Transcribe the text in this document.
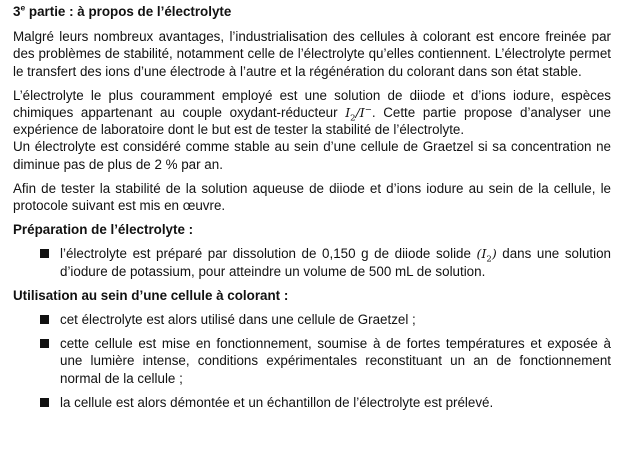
3e partie : à propos de l’électrolyte

Malgré leurs nombreux avantages, l’industrialisation des cellules à colorant est encore freinée par des problèmes de stabilité, notamment celle de l’électrolyte qu’elles contiennent. L’électrolyte permet le transfert des ions d’une électrode à l’autre et la régénération du colorant dans son état stable.

L’électrolyte le plus couramment employé est une solution de diiode et d’ions iodure, espèces chimiques appartenant au couple oxydant-réducteur $I_2/I^-$. Cette partie propose d’analyser une expérience de laboratoire dont le but est de tester la stabilité de l’électrolyte.

Un électrolyte est considéré comme stable au sein d’une cellule de Graetzel si sa concentration ne diminue pas de plus de 2 % par an.

Afin de tester la stabilité de la solution aqueuse de diiode et d’ions iodure au sein de la cellule, le protocole suivant est mis en œuvre.

Préparation de l’électrolyte :
l’électrolyte est préparé par dissolution de 0,150 g de diiode solide $(I_2)$ dans une solution d’iodure de potassium, pour atteindre un volume de 500 mL de solution.
Utilisation au sein d’une cellule à colorant :
cet électrolyte est alors utilisé dans une cellule de Graetzel ;
cette cellule est mise en fonctionnement, soumise à de fortes températures et exposée à une lumière intense, conditions expérimentales reconstituant un an de fonctionnement normal de la cellule ;
la cellule est alors démontée et un échantillon de l’électrolyte est prélevé.
